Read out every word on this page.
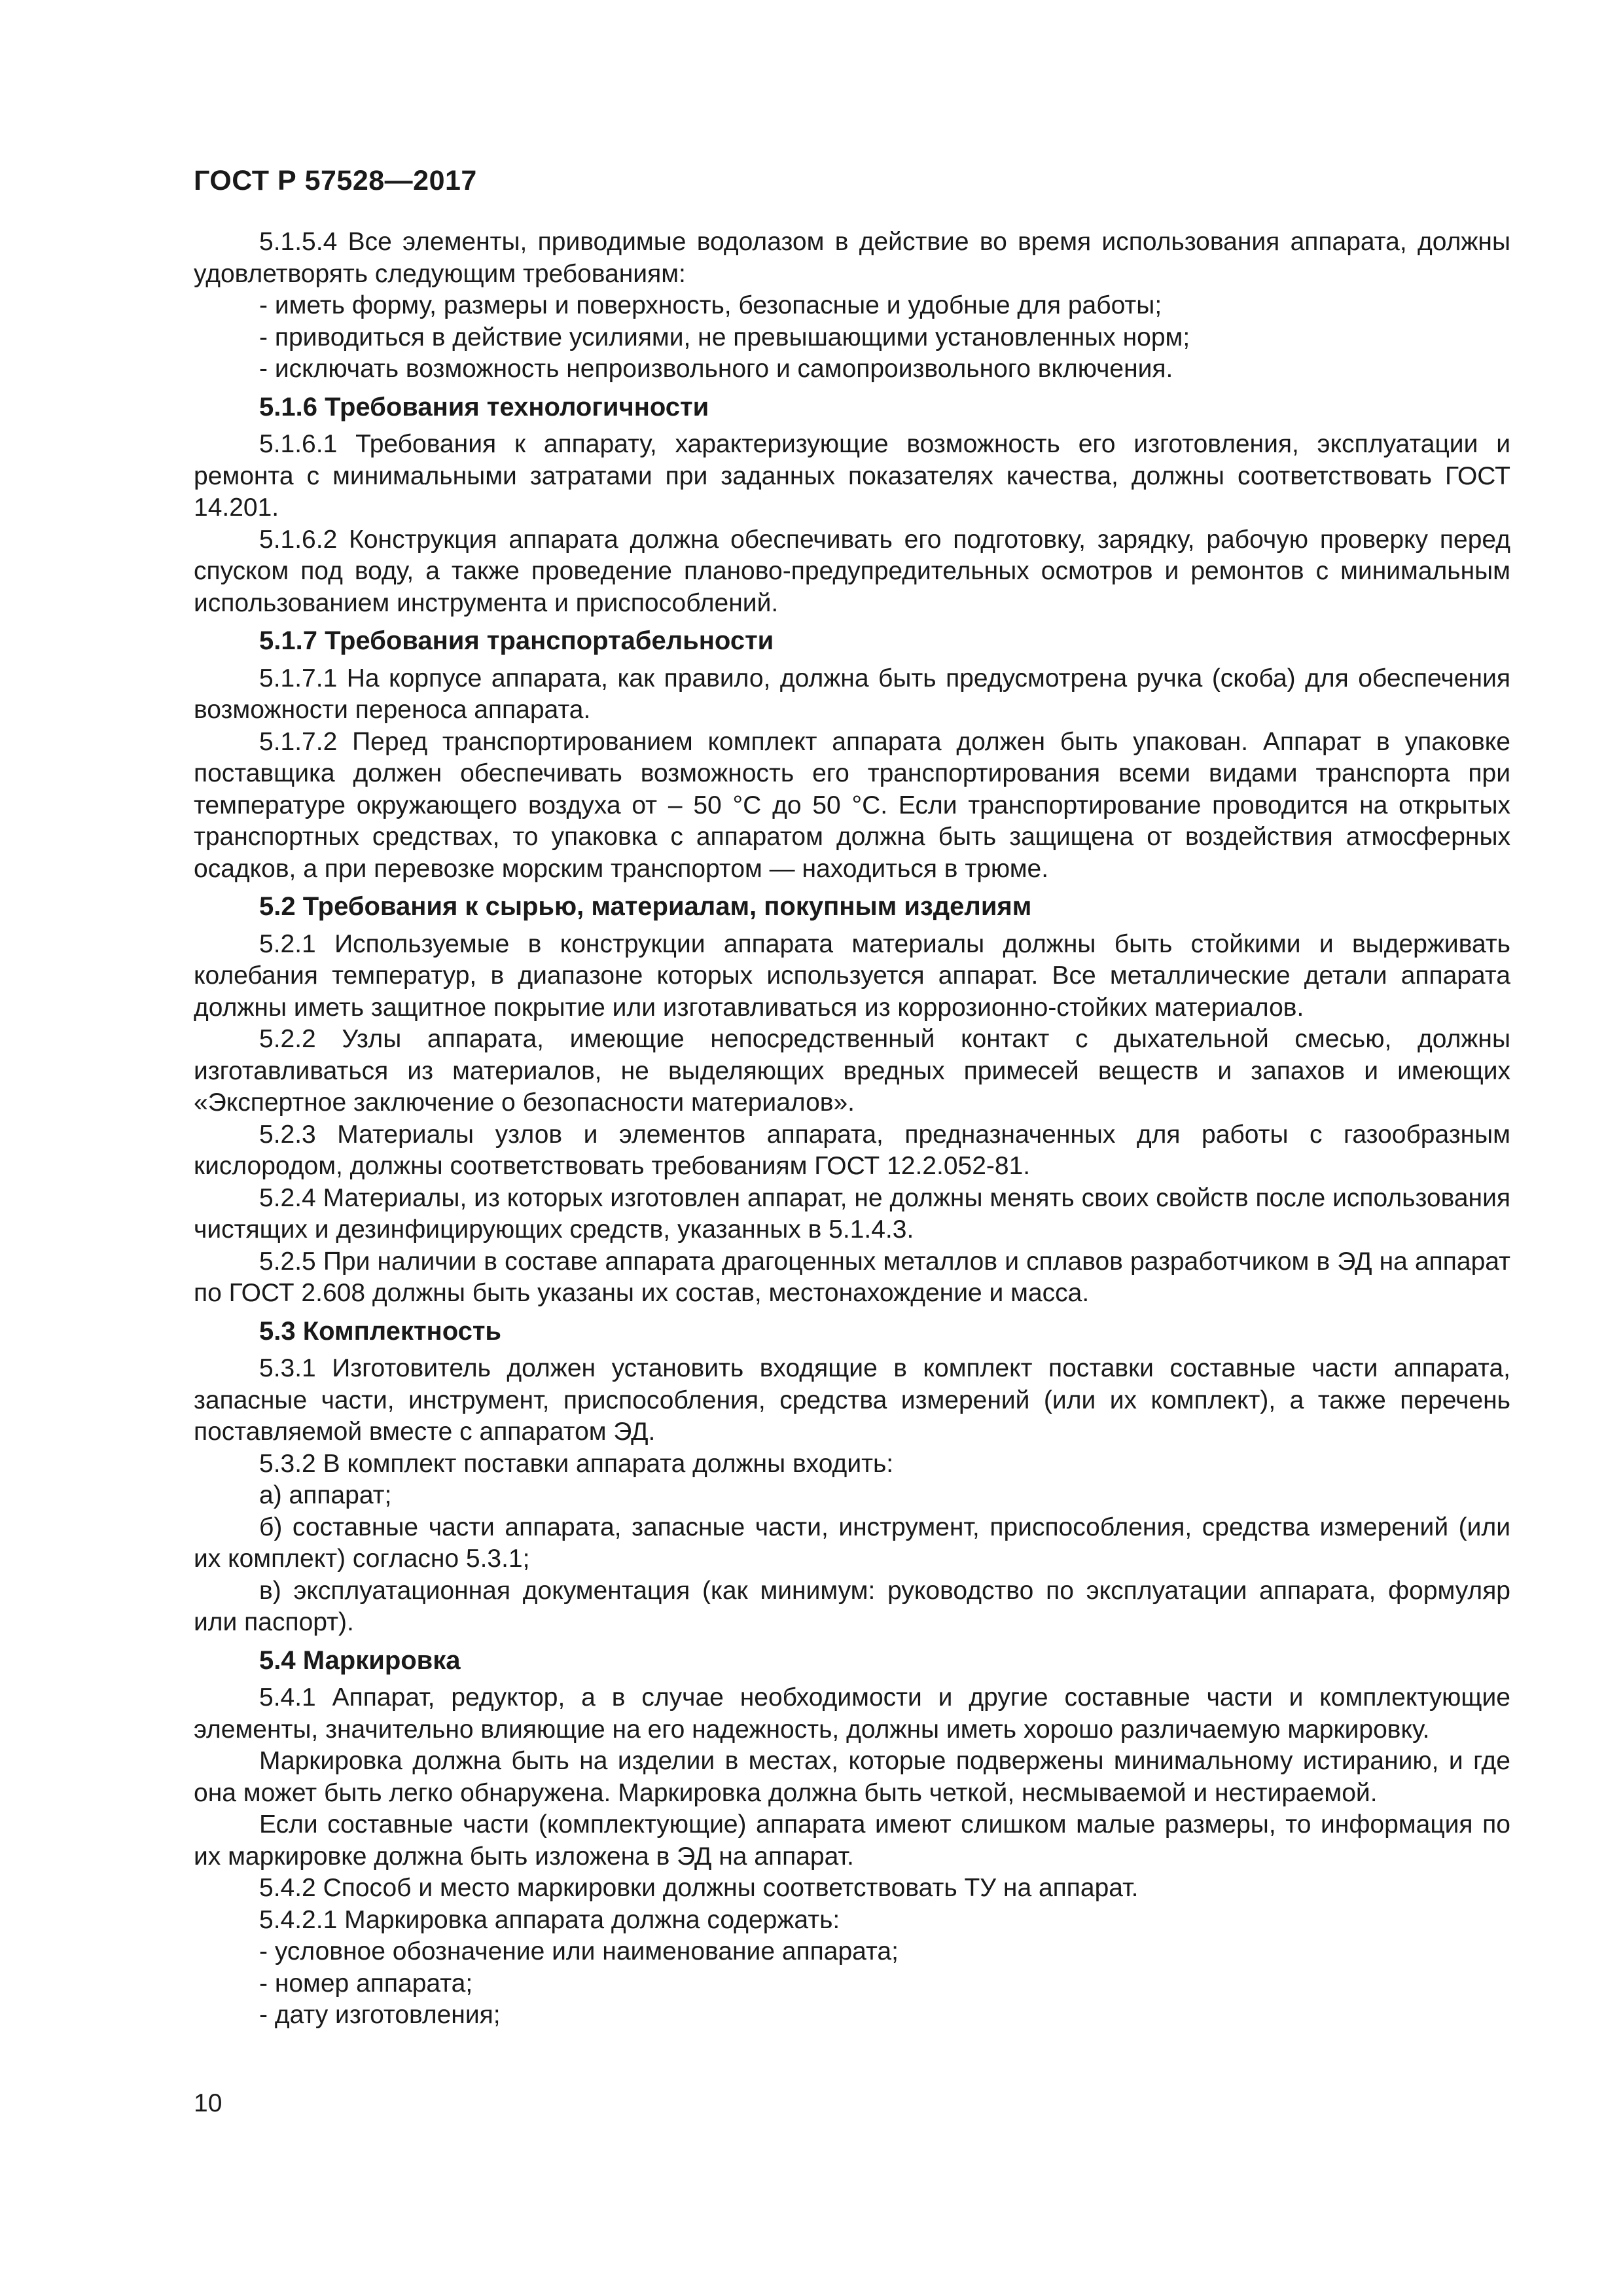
ГОСТ Р 57528—2017

5.1.5.4 Все элементы, приводимые водолазом в действие во время использования аппарата, должны удовлетворять следующим требованиям:

- иметь форму, размеры и поверхность, безопасные и удобные для работы;

- приводиться в действие усилиями, не превышающими установленных норм;

- исключать возможность непроизвольного и самопроизвольного включения.

5.1.6 Требования технологичности

5.1.6.1 Требования к аппарату, характеризующие возможность его изготовления, эксплуатации и ремонта с минимальными затратами при заданных показателях качества, должны соответствовать ГОСТ 14.201.

5.1.6.2 Конструкция аппарата должна обеспечивать его подготовку, зарядку, рабочую проверку перед спуском под воду, а также проведение планово-предупредительных осмотров и ремонтов с минимальным использованием инструмента и приспособлений.

5.1.7 Требования транспортабельности

5.1.7.1 На корпусе аппарата, как правило, должна быть предусмотрена ручка (скоба) для обеспечения возможности переноса аппарата.

5.1.7.2 Перед транспортированием комплект аппарата должен быть упакован. Аппарат в упаковке поставщика должен обеспечивать возможность его транспортирования всеми видами транспорта при температуре окружающего воздуха от – 50 °С до 50 °С. Если транспортирование проводится на открытых транспортных средствах, то упаковка с аппаратом должна быть защищена от воздействия атмосферных осадков, а при перевозке морским транспортом — находиться в трюме.

5.2 Требования к сырью, материалам, покупным изделиям

5.2.1 Используемые в конструкции аппарата материалы должны быть стойкими и выдерживать колебания температур, в диапазоне которых используется аппарат. Все металлические детали аппарата должны иметь защитное покрытие или изготавливаться из коррозионно-стойких материалов.

5.2.2 Узлы аппарата, имеющие непосредственный контакт с дыхательной смесью, должны изготавливаться из материалов, не выделяющих вредных примесей веществ и запахов и имеющих «Экспертное заключение о безопасности материалов».

5.2.3 Материалы узлов и элементов аппарата, предназначенных для работы с газообразным кислородом, должны соответствовать требованиям ГОСТ 12.2.052-81.

5.2.4 Материалы, из которых изготовлен аппарат, не должны менять своих свойств после использования чистящих и дезинфицирующих средств, указанных в 5.1.4.3.

5.2.5 При наличии в составе аппарата драгоценных металлов и сплавов разработчиком в ЭД на аппарат по ГОСТ 2.608 должны быть указаны их состав, местонахождение и масса.

5.3 Комплектность

5.3.1 Изготовитель должен установить входящие в комплект поставки составные части аппарата, запасные части, инструмент, приспособления, средства измерений (или их комплект), а также перечень поставляемой вместе с аппаратом ЭД.

5.3.2 В комплект поставки аппарата должны входить:

а) аппарат;

б) составные части аппарата, запасные части, инструмент, приспособления, средства измерений (или их комплект) согласно 5.3.1;

в) эксплуатационная документация (как минимум: руководство по эксплуатации аппарата, формуляр или паспорт).

5.4 Маркировка

5.4.1 Аппарат, редуктор, а в случае необходимости и другие составные части и комплектующие элементы, значительно влияющие на его надежность, должны иметь хорошо различаемую маркировку.

Маркировка должна быть на изделии в местах, которые подвержены минимальному истиранию, и где она может быть легко обнаружена. Маркировка должна быть четкой, несмываемой и нестираемой.

Если составные части (комплектующие) аппарата имеют слишком малые размеры, то информация по их маркировке должна быть изложена в ЭД на аппарат.

5.4.2 Способ и место маркировки должны соответствовать ТУ на аппарат.

5.4.2.1 Маркировка аппарата должна содержать:

- условное обозначение или наименование аппарата;

- номер аппарата;

- дату изготовления;

10
